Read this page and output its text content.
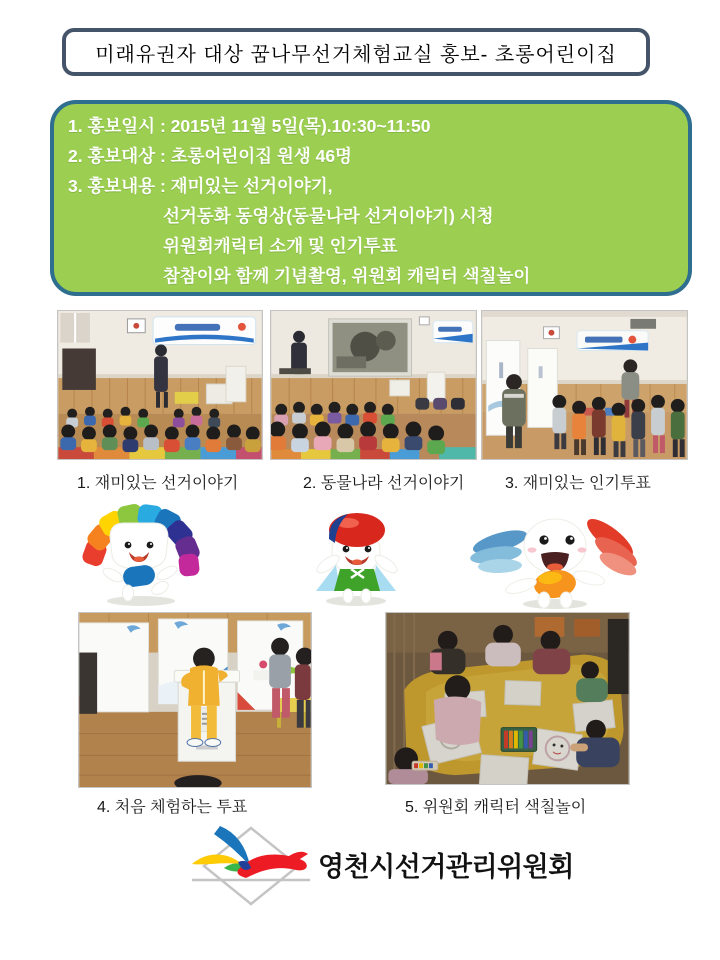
미래유권자 대상 꿈나무선거체험교실 홍보- 초롱어린이집
1. 홍보일시 : 2015년 11월 5일(목).10:30~11:50
2. 홍보대상 : 초롱어린이집 원생 46명
3. 홍보내용 : 재미있는 선거이야기,
선거동화 동영상(동물나라 선거이야기) 시청
위원회캐릭터 소개 및 인기투표
참참이와 함께 기념촬영, 위원회 캐릭터 색칠놀이
1. 재미있는 선거이야기	2. 동물나라 선거이야기	3. 재미있는 인기투표
4. 처음 체험하는 투표	5. 위원회 캐릭터 색칠놀이
영천시선거관리위원회
